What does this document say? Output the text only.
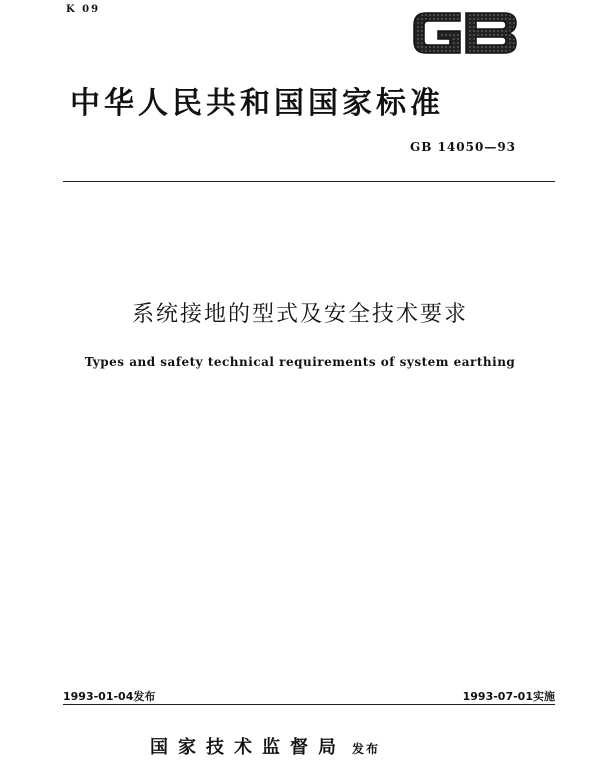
K 09
中华人民共和国国家标准
GB 14050—93
系统接地的型式及安全技术要求
Types and safety technical requirements of system earthing
1993-01-04发布	1993-07-01实施
国家技术监督局 发布
